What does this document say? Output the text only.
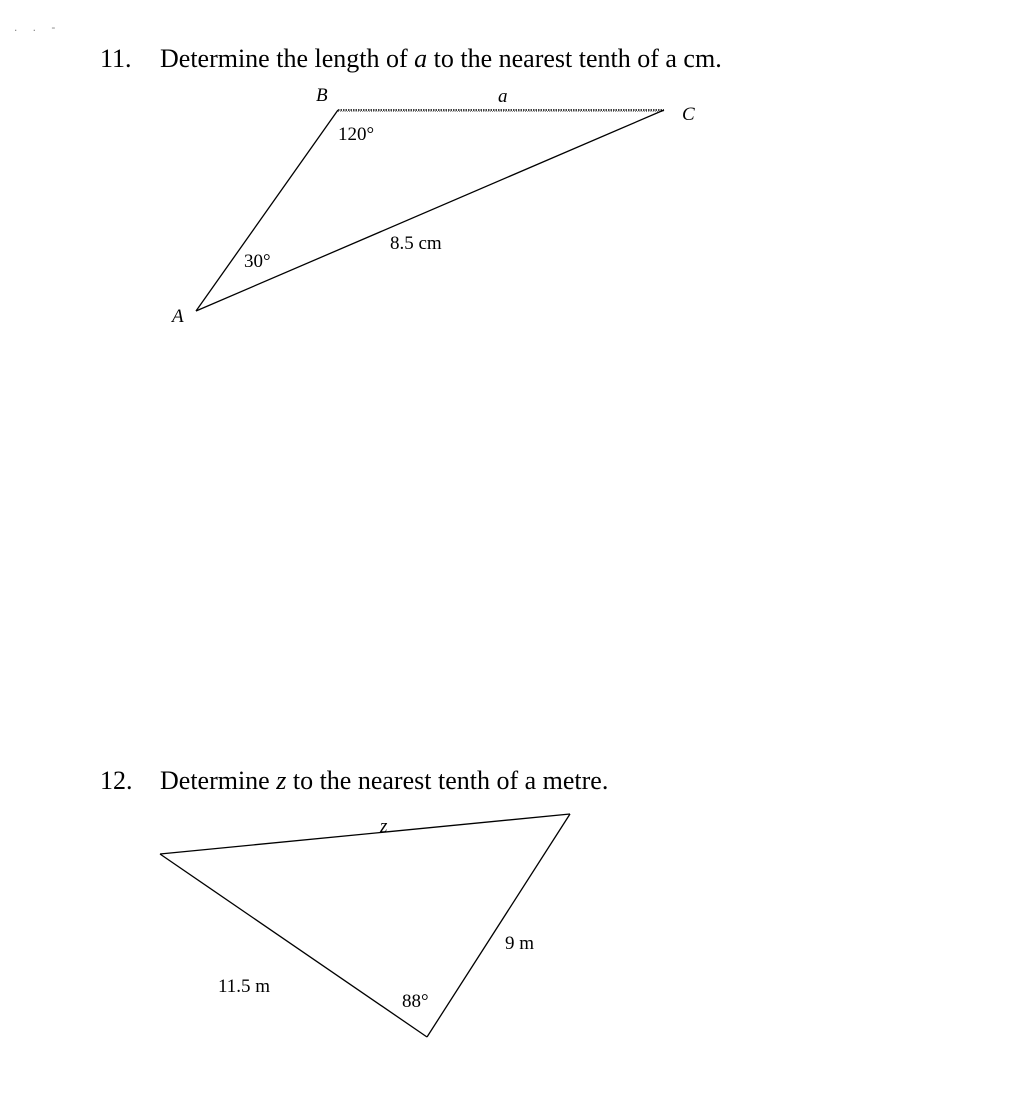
. . -
11. Determine the length of a to the nearest tenth of a cm.
B
C
A
a
120°
30°
8.5 cm
z
9 m
11.5 m
88°
12. Determine z to the nearest tenth of a metre.
